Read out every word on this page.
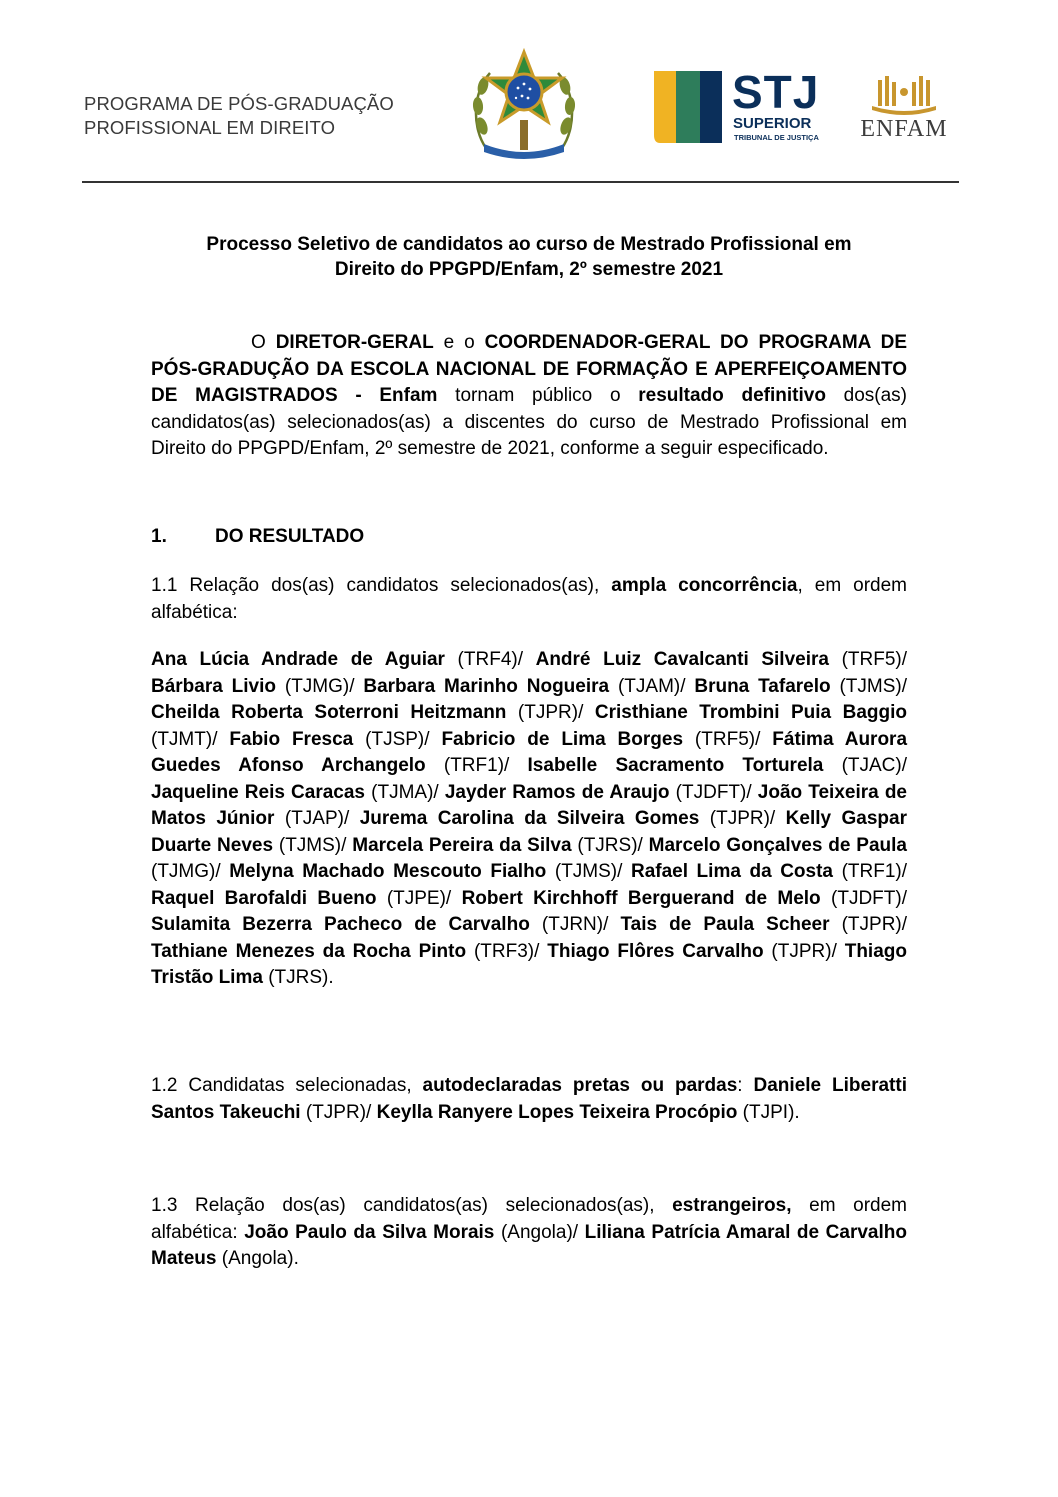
PROGRAMA DE PÓS-GRADUAÇÃO
PROFISSIONAL EM DIREITO
STJ
SUPERIOR
TRIBUNAL DE JUSTIÇA ENFAM
Processo Seletivo de candidatos ao curso de Mestrado Profissional em
Direito do PPGPD/Enfam, 2º semestre 2021
O DIRETOR-GERAL e o COORDENADOR-GERAL DO PROGRAMA DE PÓS-GRADUÇÃO DA ESCOLA NACIONAL DE FORMAÇÃO E APERFEIÇOAMENTO DE MAGISTRADOS - Enfam tornam público o resultado definitivo dos(as) candidatos(as) selecionados(as) a discentes do curso de Mestrado Profissional em Direito do PPGPD/Enfam, 2º semestre de 2021, conforme a seguir especificado.
1.	DO RESULTADO
1.1 Relação dos(as) candidatos selecionados(as), ampla concorrência, em ordem alfabética:
Ana Lúcia Andrade de Aguiar (TRF4)/ André Luiz Cavalcanti Silveira (TRF5)/ Bárbara Livio (TJMG)/ Barbara Marinho Nogueira (TJAM)/ Bruna Tafarelo (TJMS)/ Cheilda Roberta Soterroni Heitzmann (TJPR)/ Cristhiane Trombini Puia Baggio (TJMT)/ Fabio Fresca (TJSP)/ Fabricio de Lima Borges (TRF5)/ Fátima Aurora Guedes Afonso Archangelo (TRF1)/ Isabelle Sacramento Torturela (TJAC)/ Jaqueline Reis Caracas (TJMA)/ Jayder Ramos de Araujo (TJDFT)/ João Teixeira de Matos Júnior (TJAP)/ Jurema Carolina da Silveira Gomes (TJPR)/ Kelly Gaspar Duarte Neves (TJMS)/ Marcela Pereira da Silva (TJRS)/ Marcelo Gonçalves de Paula (TJMG)/ Melyna Machado Mescouto Fialho (TJMS)/ Rafael Lima da Costa (TRF1)/ Raquel Barofaldi Bueno (TJPE)/ Robert Kirchhoff Berguerand de Melo (TJDFT)/ Sulamita Bezerra Pacheco de Carvalho (TJRN)/ Tais de Paula Scheer (TJPR)/ Tathiane Menezes da Rocha Pinto (TRF3)/ Thiago Flôres Carvalho (TJPR)/ Thiago Tristão Lima (TJRS).
1.2 Candidatas selecionadas, autodeclaradas pretas ou pardas: Daniele Liberatti Santos Takeuchi (TJPR)/ Keylla Ranyere Lopes Teixeira Procópio (TJPI).
1.3 Relação dos(as) candidatos(as) selecionados(as), estrangeiros, em ordem alfabética: João Paulo da Silva Morais (Angola)/ Liliana Patrícia Amaral de Carvalho Mateus (Angola).
